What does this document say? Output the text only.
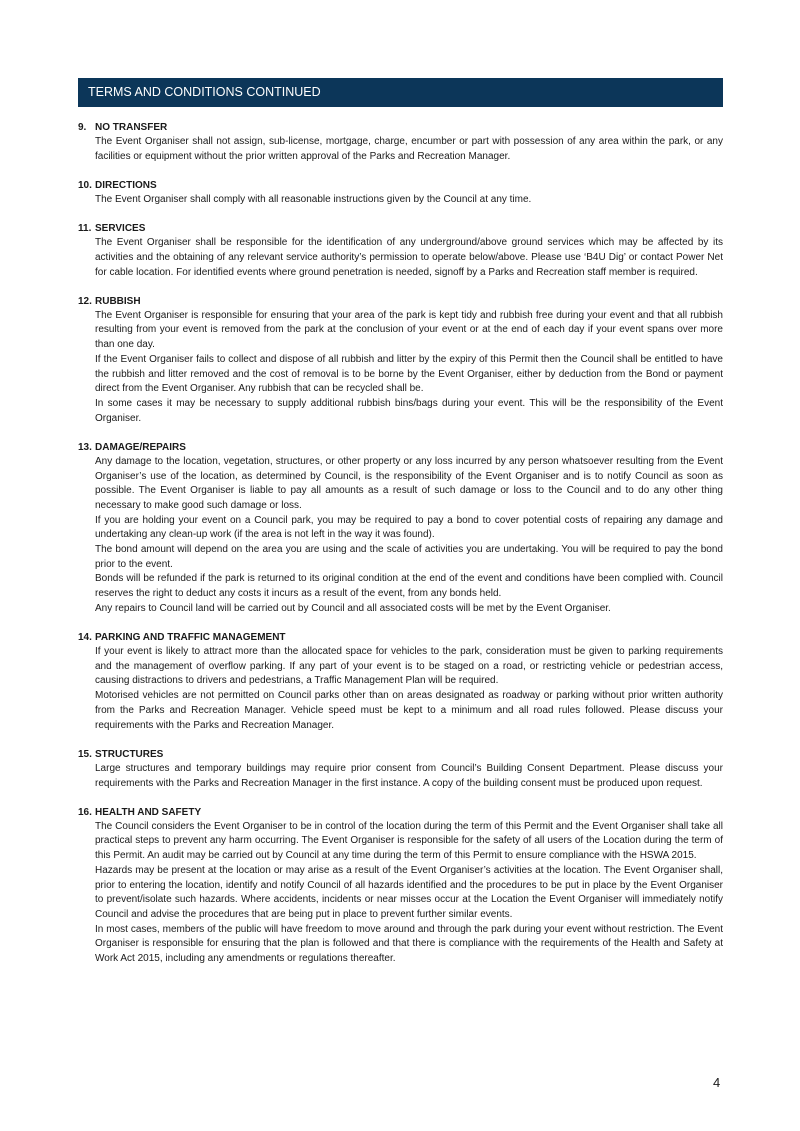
TERMS AND CONDITIONS CONTINUED
9. NO TRANSFER
The Event Organiser shall not assign, sub-license, mortgage, charge, encumber or part with possession of any area within the park, or any facilities or equipment without the prior written approval of the Parks and Recreation Manager.
10. DIRECTIONS
The Event Organiser shall comply with all reasonable instructions given by the Council at any time.
11. SERVICES
The Event Organiser shall be responsible for the identification of any underground/above ground services which may be affected by its activities and the obtaining of any relevant service authority’s permission to operate below/above. Please use ‘B4U Dig’ or contact Power Net for cable location. For identified events where ground penetration is needed, signoff by a Parks and Recreation staff member is required.
12. RUBBISH
The Event Organiser is responsible for ensuring that your area of the park is kept tidy and rubbish free during your event and that all rubbish resulting from your event is removed from the park at the conclusion of your event or at the end of each day if your event spans over more than one day.
If the Event Organiser fails to collect and dispose of all rubbish and litter by the expiry of this Permit then the Council shall be entitled to have the rubbish and litter removed and the cost of removal is to be borne by the Event Organiser, either by deduction from the Bond or payment direct from the Event Organiser. Any rubbish that can be recycled shall be.
In some cases it may be necessary to supply additional rubbish bins/bags during your event. This will be the responsibility of the Event Organiser.
13. DAMAGE/REPAIRS
Any damage to the location, vegetation, structures, or other property or any loss incurred by any person whatsoever resulting from the Event Organiser’s use of the location, as determined by Council, is the responsibility of the Event Organiser and is to notify Council as soon as possible. The Event Organiser is liable to pay all amounts as a result of such damage or loss to the Council and to do any other thing necessary to make good such damage or loss.
If you are holding your event on a Council park, you may be required to pay a bond to cover potential costs of repairing any damage and undertaking any clean-up work (if the area is not left in the way it was found).
The bond amount will depend on the area you are using and the scale of activities you are undertaking. You will be required to pay the bond prior to the event.
Bonds will be refunded if the park is returned to its original condition at the end of the event and conditions have been complied with. Council reserves the right to deduct any costs it incurs as a result of the event, from any bonds held.
Any repairs to Council land will be carried out by Council and all associated costs will be met by the Event Organiser.
14. PARKING AND TRAFFIC MANAGEMENT
If your event is likely to attract more than the allocated space for vehicles to the park, consideration must be given to parking requirements and the management of overflow parking. If any part of your event is to be staged on a road, or restricting vehicle or pedestrian access, causing distractions to drivers and pedestrians, a Traffic Management Plan will be required.
Motorised vehicles are not permitted on Council parks other than on areas designated as roadway or parking without prior written authority from the Parks and Recreation Manager. Vehicle speed must be kept to a minimum and all road rules followed. Please discuss your requirements with the Parks and Recreation Manager.
15. STRUCTURES
Large structures and temporary buildings may require prior consent from Council’s Building Consent Department. Please discuss your requirements with the Parks and Recreation Manager in the first instance. A copy of the building consent must be produced upon request.
16. HEALTH AND SAFETY
The Council considers the Event Organiser to be in control of the location during the term of this Permit and the Event Organiser shall take all practical steps to prevent any harm occurring. The Event Organiser is responsible for the safety of all users of the Location during the term of this Permit. An audit may be carried out by Council at any time during the term of this Permit to ensure compliance with the HSWA 2015.
Hazards may be present at the location or may arise as a result of the Event Organiser’s activities at the location. The Event Organiser shall, prior to entering the location, identify and notify Council of all hazards identified and the procedures to be put in place by the Event Organiser to prevent/isolate such hazards. Where accidents, incidents or near misses occur at the Location the Event Organiser will immediately notify Council and advise the procedures that are being put in place to prevent further similar events.
In most cases, members of the public will have freedom to move around and through the park during your event without restriction. The Event Organiser is responsible for ensuring that the plan is followed and that there is compliance with the requirements of the Health and Safety at Work Act 2015, including any amendments or regulations thereafter.
4
